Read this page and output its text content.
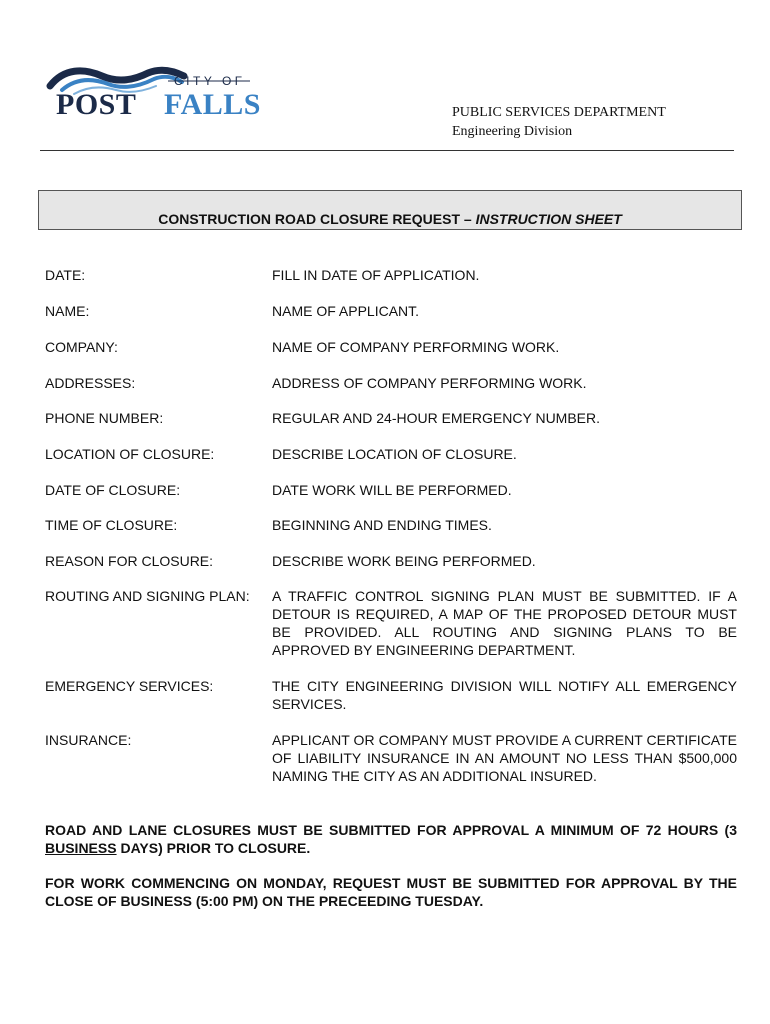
CITY OF
POST FALLS	PUBLIC SERVICES DEPARTMENT
Engineering Division
CONSTRUCTION ROAD CLOSURE REQUEST – INSTRUCTION SHEET
DATE:	FILL IN DATE OF APPLICATION.
NAME:	NAME OF APPLICANT.
COMPANY:	NAME OF COMPANY PERFORMING WORK.
ADDRESSES:	ADDRESS OF COMPANY PERFORMING WORK.
PHONE NUMBER:	REGULAR AND 24-HOUR EMERGENCY NUMBER.
LOCATION OF CLOSURE:	DESCRIBE LOCATION OF CLOSURE.
DATE OF CLOSURE:	DATE WORK WILL BE PERFORMED.
TIME OF CLOSURE:	BEGINNING AND ENDING TIMES.
REASON FOR CLOSURE:	DESCRIBE WORK BEING PERFORMED.
ROUTING AND SIGNING PLAN: A TRAFFIC CONTROL SIGNING PLAN MUST BE SUBMITTED. IF A DETOUR IS REQUIRED, A MAP OF THE PROPOSED DETOUR MUST BE PROVIDED. ALL ROUTING AND SIGNING PLANS TO BE APPROVED BY ENGINEERING DEPARTMENT.
EMERGENCY SERVICES:	THE CITY ENGINEERING DIVISION WILL NOTIFY ALL EMERGENCY SERVICES.
INSURANCE:	APPLICANT OR COMPANY MUST PROVIDE A CURRENT CERTIFICATE OF LIABILITY INSURANCE IN AN AMOUNT NO LESS THAN $500,000 NAMING THE CITY AS AN ADDITIONAL INSURED.
ROAD AND LANE CLOSURES MUST BE SUBMITTED FOR APPROVAL A MINIMUM OF 72 HOURS (3 BUSINESS DAYS) PRIOR TO CLOSURE.
FOR WORK COMMENCING ON MONDAY, REQUEST MUST BE SUBMITTED FOR APPROVAL BY THE CLOSE OF BUSINESS (5:00 PM) ON THE PRECEEDING TUESDAY.
